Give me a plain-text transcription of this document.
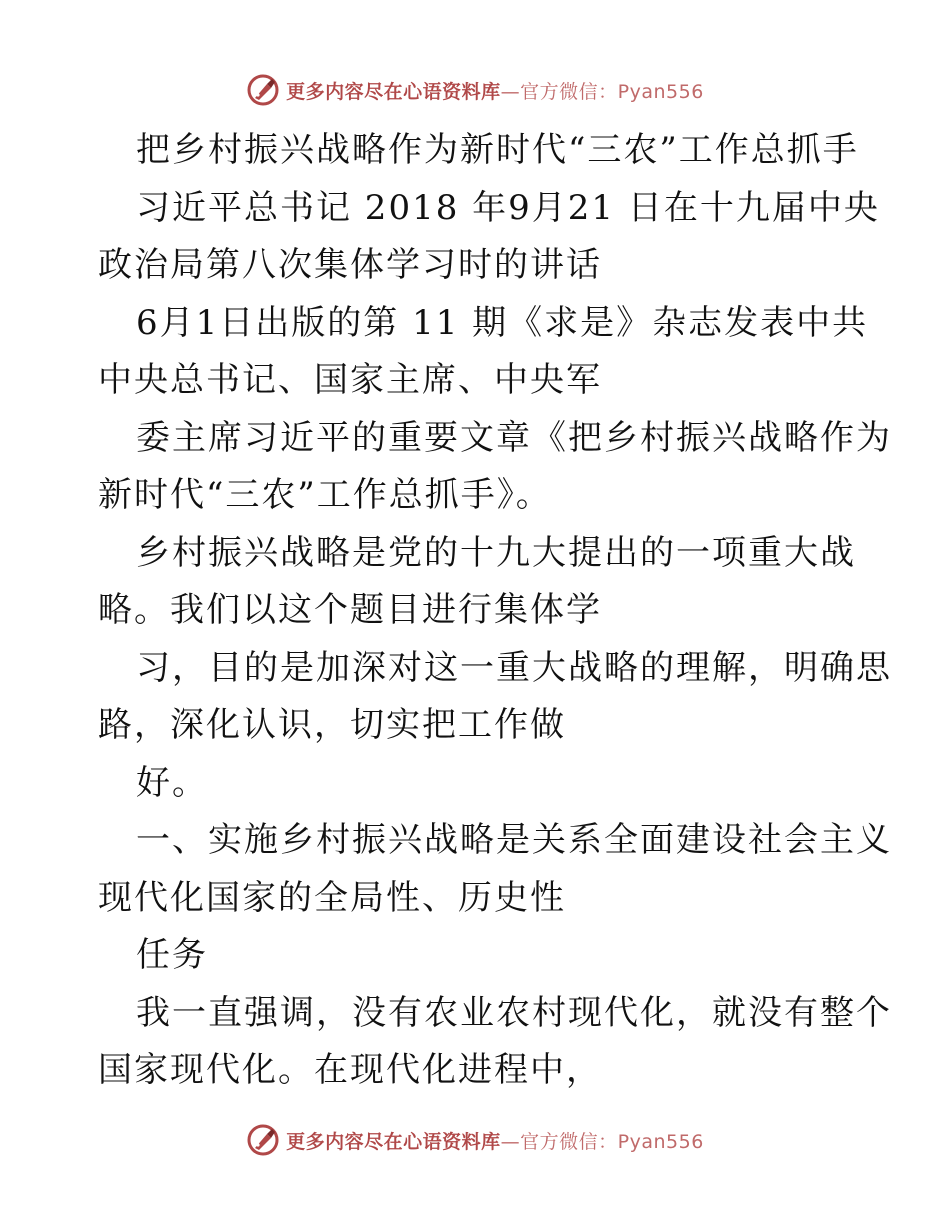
更多内容尽在心语资料库 —官方微信：Pyan556
把乡村振兴战略作为新时代“三农”工作总抓手
习近平总书记 2018 年9月21 日在十九届中央
政治局第八次集体学习时的讲话
6月1日出版的第 11 期《求是》杂志发表中共
中央总书记、国家主席、中央军
委主席习近平的重要文章《把乡村振兴战略作为
新时代“三农”工作总抓手》。
乡村振兴战略是党的十九大提出的一项重大战
略。我们以这个题目进行集体学
习，目的是加深对这一重大战略的理解，明确思
路，深化认识，切实把工作做
好。
一、实施乡村振兴战略是关系全面建设社会主义
现代化国家的全局性、历史性
任务
我一直强调，没有农业农村现代化，就没有整个
国家现代化。在现代化进程中，
更多内容尽在心语资料库 —官方微信：Pyan556
